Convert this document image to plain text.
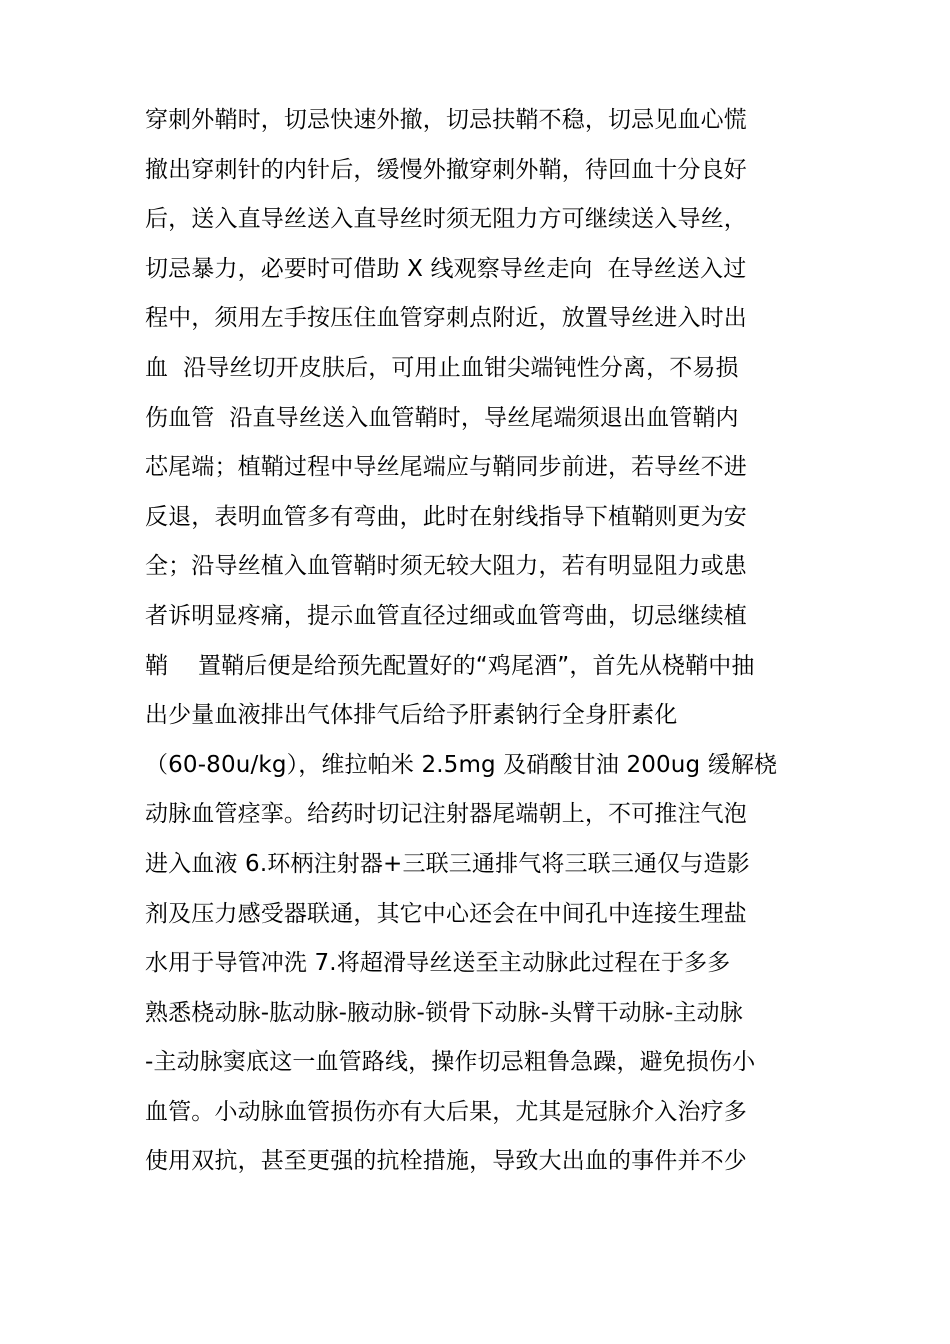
穿刺外鞘时，切忌快速外撤，切忌扶鞘不稳，切忌见血心慌
撤出穿刺针的内针后，缓慢外撤穿刺外鞘，待回血十分良好
后，送入直导丝送入直导丝时须无阻力方可继续送入导丝，
切忌暴力，必要时可借助 X 线观察导丝走向  在导丝送入过
程中，须用左手按压住血管穿刺点附近，放置导丝进入时出
血  沿导丝切开皮肤后，可用止血钳尖端钝性分离，不易损
伤血管  沿直导丝送入血管鞘时，导丝尾端须退出血管鞘内
芯尾端；植鞘过程中导丝尾端应与鞘同步前进，若导丝不进
反退，表明血管多有弯曲，此时在射线指导下植鞘则更为安
全；沿导丝植入血管鞘时须无较大阻力，若有明显阻力或患
者诉明显疼痛，提示血管直径过细或血管弯曲，切忌继续植
鞘    置鞘后便是给预先配置好的“鸡尾酒”，首先从桡鞘中抽
出少量血液排出气体排气后给予肝素钠行全身肝素化
（60-80u/kg），维拉帕米 2.5mg 及硝酸甘油 200ug 缓解桡
动脉血管痉挛。给药时切记注射器尾端朝上，不可推注气泡
进入血液 6.环柄注射器+三联三通排气将三联三通仅与造影
剂及压力感受器联通，其它中心还会在中间孔中连接生理盐
水用于导管冲洗 7.将超滑导丝送至主动脉此过程在于多多
熟悉桡动脉-肱动脉-腋动脉-锁骨下动脉-头臂干动脉-主动脉
-主动脉窦底这一血管路线，操作切忌粗鲁急躁，避免损伤小
血管。小动脉血管损伤亦有大后果，尤其是冠脉介入治疗多
使用双抗，甚至更强的抗栓措施，导致大出血的事件并不少
